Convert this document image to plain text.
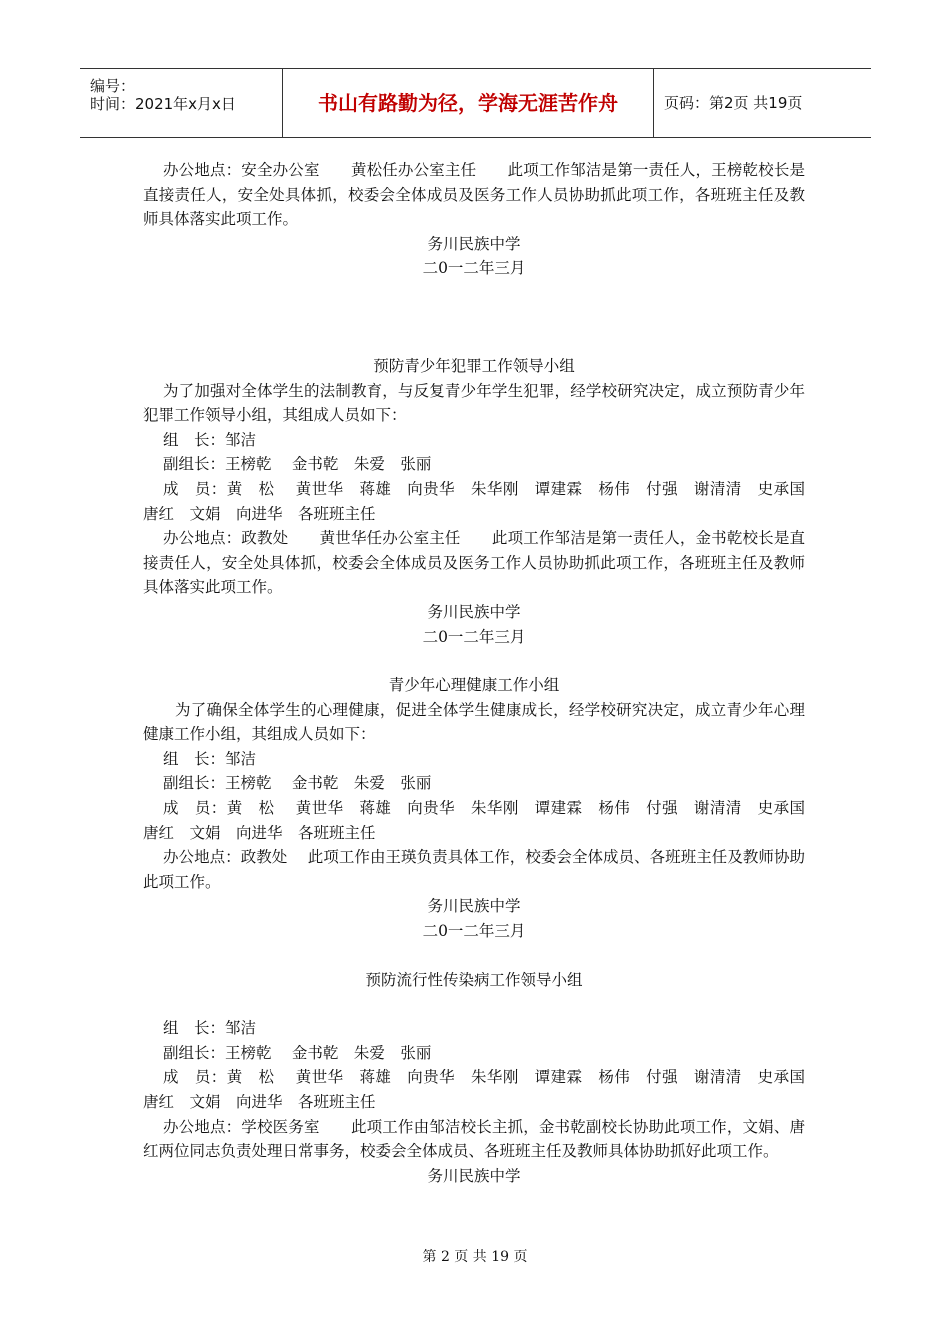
编号：
时间：2021年x月x日	书山有路勤为径，学海无涯苦作舟	页码：第2页 共19页

办公地点：安全办公室　　黄松任办公室主任　　此项工作邹洁是第一责任人，王榜乾校长是直接责任人，安全处具体抓，校委会全体成员及医务工作人员协助抓此项工作，各班班主任及教师具体落实此项工作。

务川民族中学

二0一二年三月

预防青少年犯罪工作领导小组

为了加强对全体学生的法制教育，与反复青少年学生犯罪，经学校研究决定，成立预防青少年犯罪工作领导小组，其组成人员如下：

组　长：邹洁

副组长：王榜乾　 金书乾　朱爱　张丽

成　员：黄　松　 黄世华　蒋雄　向贵华　朱华刚　谭建霖　杨伟　付强　谢清清　史承国　唐红　文娟　向进华　各班班主任

办公地点：政教处　　黄世华任办公室主任　　此项工作邹洁是第一责任人，金书乾校长是直接责任人，安全处具体抓，校委会全体成员及医务工作人员协助抓此项工作，各班班主任及教师具体落实此项工作。

务川民族中学

二0一二年三月

青少年心理健康工作小组

为了确保全体学生的心理健康，促进全体学生健康成长，经学校研究决定，成立青少年心理健康工作小组，其组成人员如下：

组　长：邹洁

副组长：王榜乾　 金书乾　朱爱　张丽

成　员：黄　松　 黄世华　蒋雄　向贵华　朱华刚　谭建霖　杨伟　付强　谢清清　史承国　唐红　文娟　向进华　各班班主任

办公地点：政教处　 此项工作由王瑛负责具体工作，校委会全体成员、各班班主任及教师协助此项工作。

务川民族中学

二0一二年三月

预防流行性传染病工作领导小组

组　长：邹洁

副组长：王榜乾　 金书乾　朱爱　张丽

成　员：黄　松　 黄世华　蒋雄　向贵华　朱华刚　谭建霖　杨伟　付强　谢清清　史承国　唐红　文娟　向进华　各班班主任

办公地点：学校医务室　　此项工作由邹洁校长主抓，金书乾副校长协助此项工作，文娟、唐红两位同志负责处理日常事务，校委会全体成员、各班班主任及教师具体协助抓好此项工作。

务川民族中学

第 2 页 共 19 页
